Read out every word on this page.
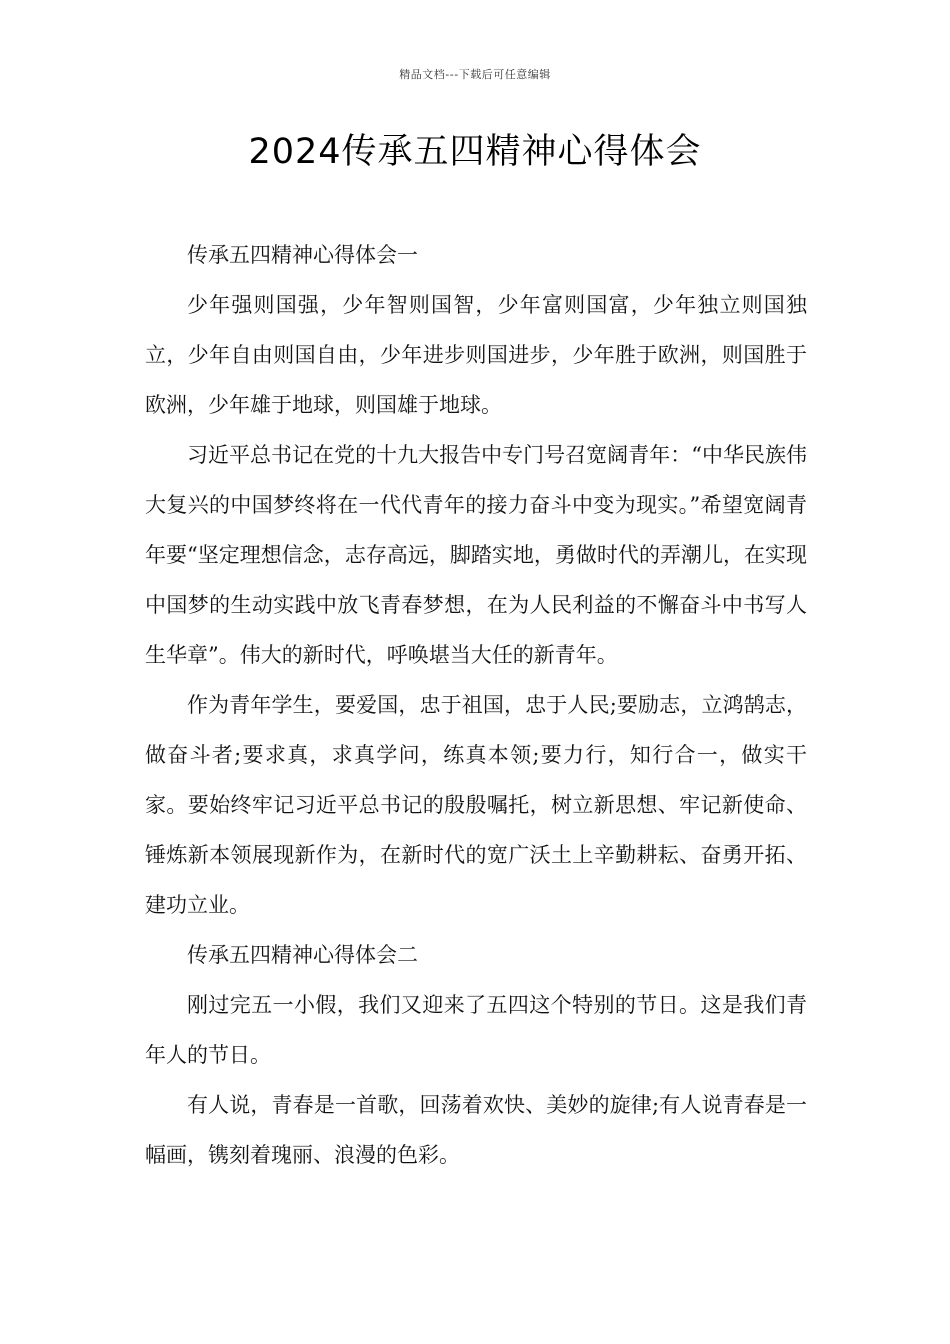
精品文档---下载后可任意编辑
2024传承五四精神心得体会

传承五四精神心得体会一

少年强则国强，少年智则国智，少年富则国富，少年独立则国独立，少年自由则国自由，少年进步则国进步，少年胜于欧洲，则国胜于欧洲，少年雄于地球，则国雄于地球。

习近平总书记在党的十九大报告中专门号召宽阔青年：“中华民族伟大复兴的中国梦终将在一代代青年的接力奋斗中变为现实。”希望宽阔青年要“坚定理想信念，志存高远，脚踏实地，勇做时代的弄潮儿，在实现中国梦的生动实践中放飞青春梦想，在为人民利益的不懈奋斗中书写人生华章”。伟大的新时代，呼唤堪当大任的新青年。

作为青年学生，要爱国，忠于祖国，忠于人民;要励志，立鸿鹄志，做奋斗者;要求真，求真学问，练真本领;要力行，知行合一，做实干家。要始终牢记习近平总书记的殷殷嘱托，树立新思想、牢记新使命、锤炼新本领展现新作为，在新时代的宽广沃土上辛勤耕耘、奋勇开拓、建功立业。

传承五四精神心得体会二

刚过完五一小假，我们又迎来了五四这个特别的节日。这是我们青年人的节日。

有人说，青春是一首歌，回荡着欢快、美妙的旋律;有人说青春是一幅画，镌刻着瑰丽、浪漫的色彩。
